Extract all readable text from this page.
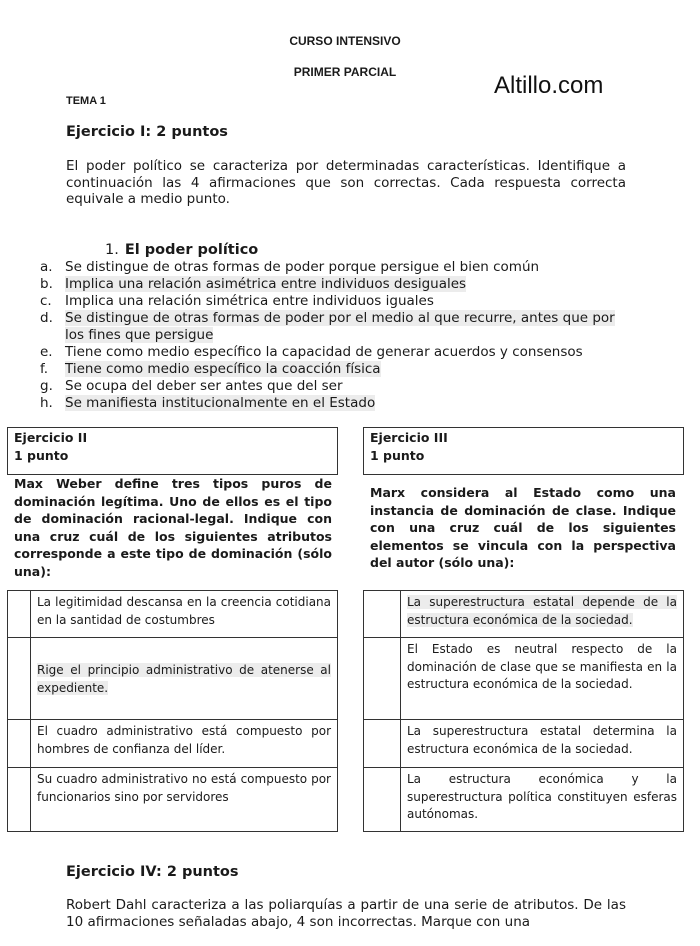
CURSO INTENSIVO
PRIMER PARCIAL	Altillo.com
TEMA 1
Ejercicio I: 2 puntos
El poder político se caracteriza por determinadas características. Identifique a continuación las 4 afirmaciones que son correctas. Cada respuesta correcta equivale a medio punto.
1. El poder político
a. Se distingue de otras formas de poder porque persigue el bien común
b. Implica una relación asimétrica entre individuos desiguales
c. Implica una relación simétrica entre individuos iguales
d. Se distingue de otras formas de poder por el medio al que recurre, antes que por los fines que persigue
e. Tiene como medio específico la capacidad de generar acuerdos y consensos
f.	Tiene como medio específico la coacción física
g. Se ocupa del deber ser antes que del ser
h. Se manifiesta institucionalmente en el Estado
Ejercicio II
1 punto
Max Weber define tres tipos puros de dominación legítima. Uno de ellos es el tipo de dominación racional-legal. Indique con una cruz cuál de los siguientes atributos corresponde a este tipo de dominación (sólo una):
	La legitimidad descansa en la creencia cotidiana en la santidad de costumbres
	Rige el principio administrativo de atenerse al expediente.
	El cuadro administrativo está compuesto por hombres de confianza del líder.
	Su cuadro administrativo no está compuesto por funcionarios sino por servidores
Ejercicio III
1 punto
Marx considera al Estado como una instancia de dominación de clase. Indique con una cruz cuál de los siguientes elementos se vincula con la perspectiva del autor (sólo una):
	La superestructura estatal depende de la estructura económica de la sociedad.
	El Estado es neutral respecto de la dominación de clase que se manifiesta en la estructura económica de la sociedad.
	La superestructura estatal determina la estructura económica de la sociedad.
	La estructura económica y la superestructura política constituyen esferas autónomas.
Ejercicio IV: 2 puntos
Robert Dahl caracteriza a las poliarquías a partir de una serie de atributos. De las 10 afirmaciones señaladas abajo, 4 son incorrectas. Marque con una
